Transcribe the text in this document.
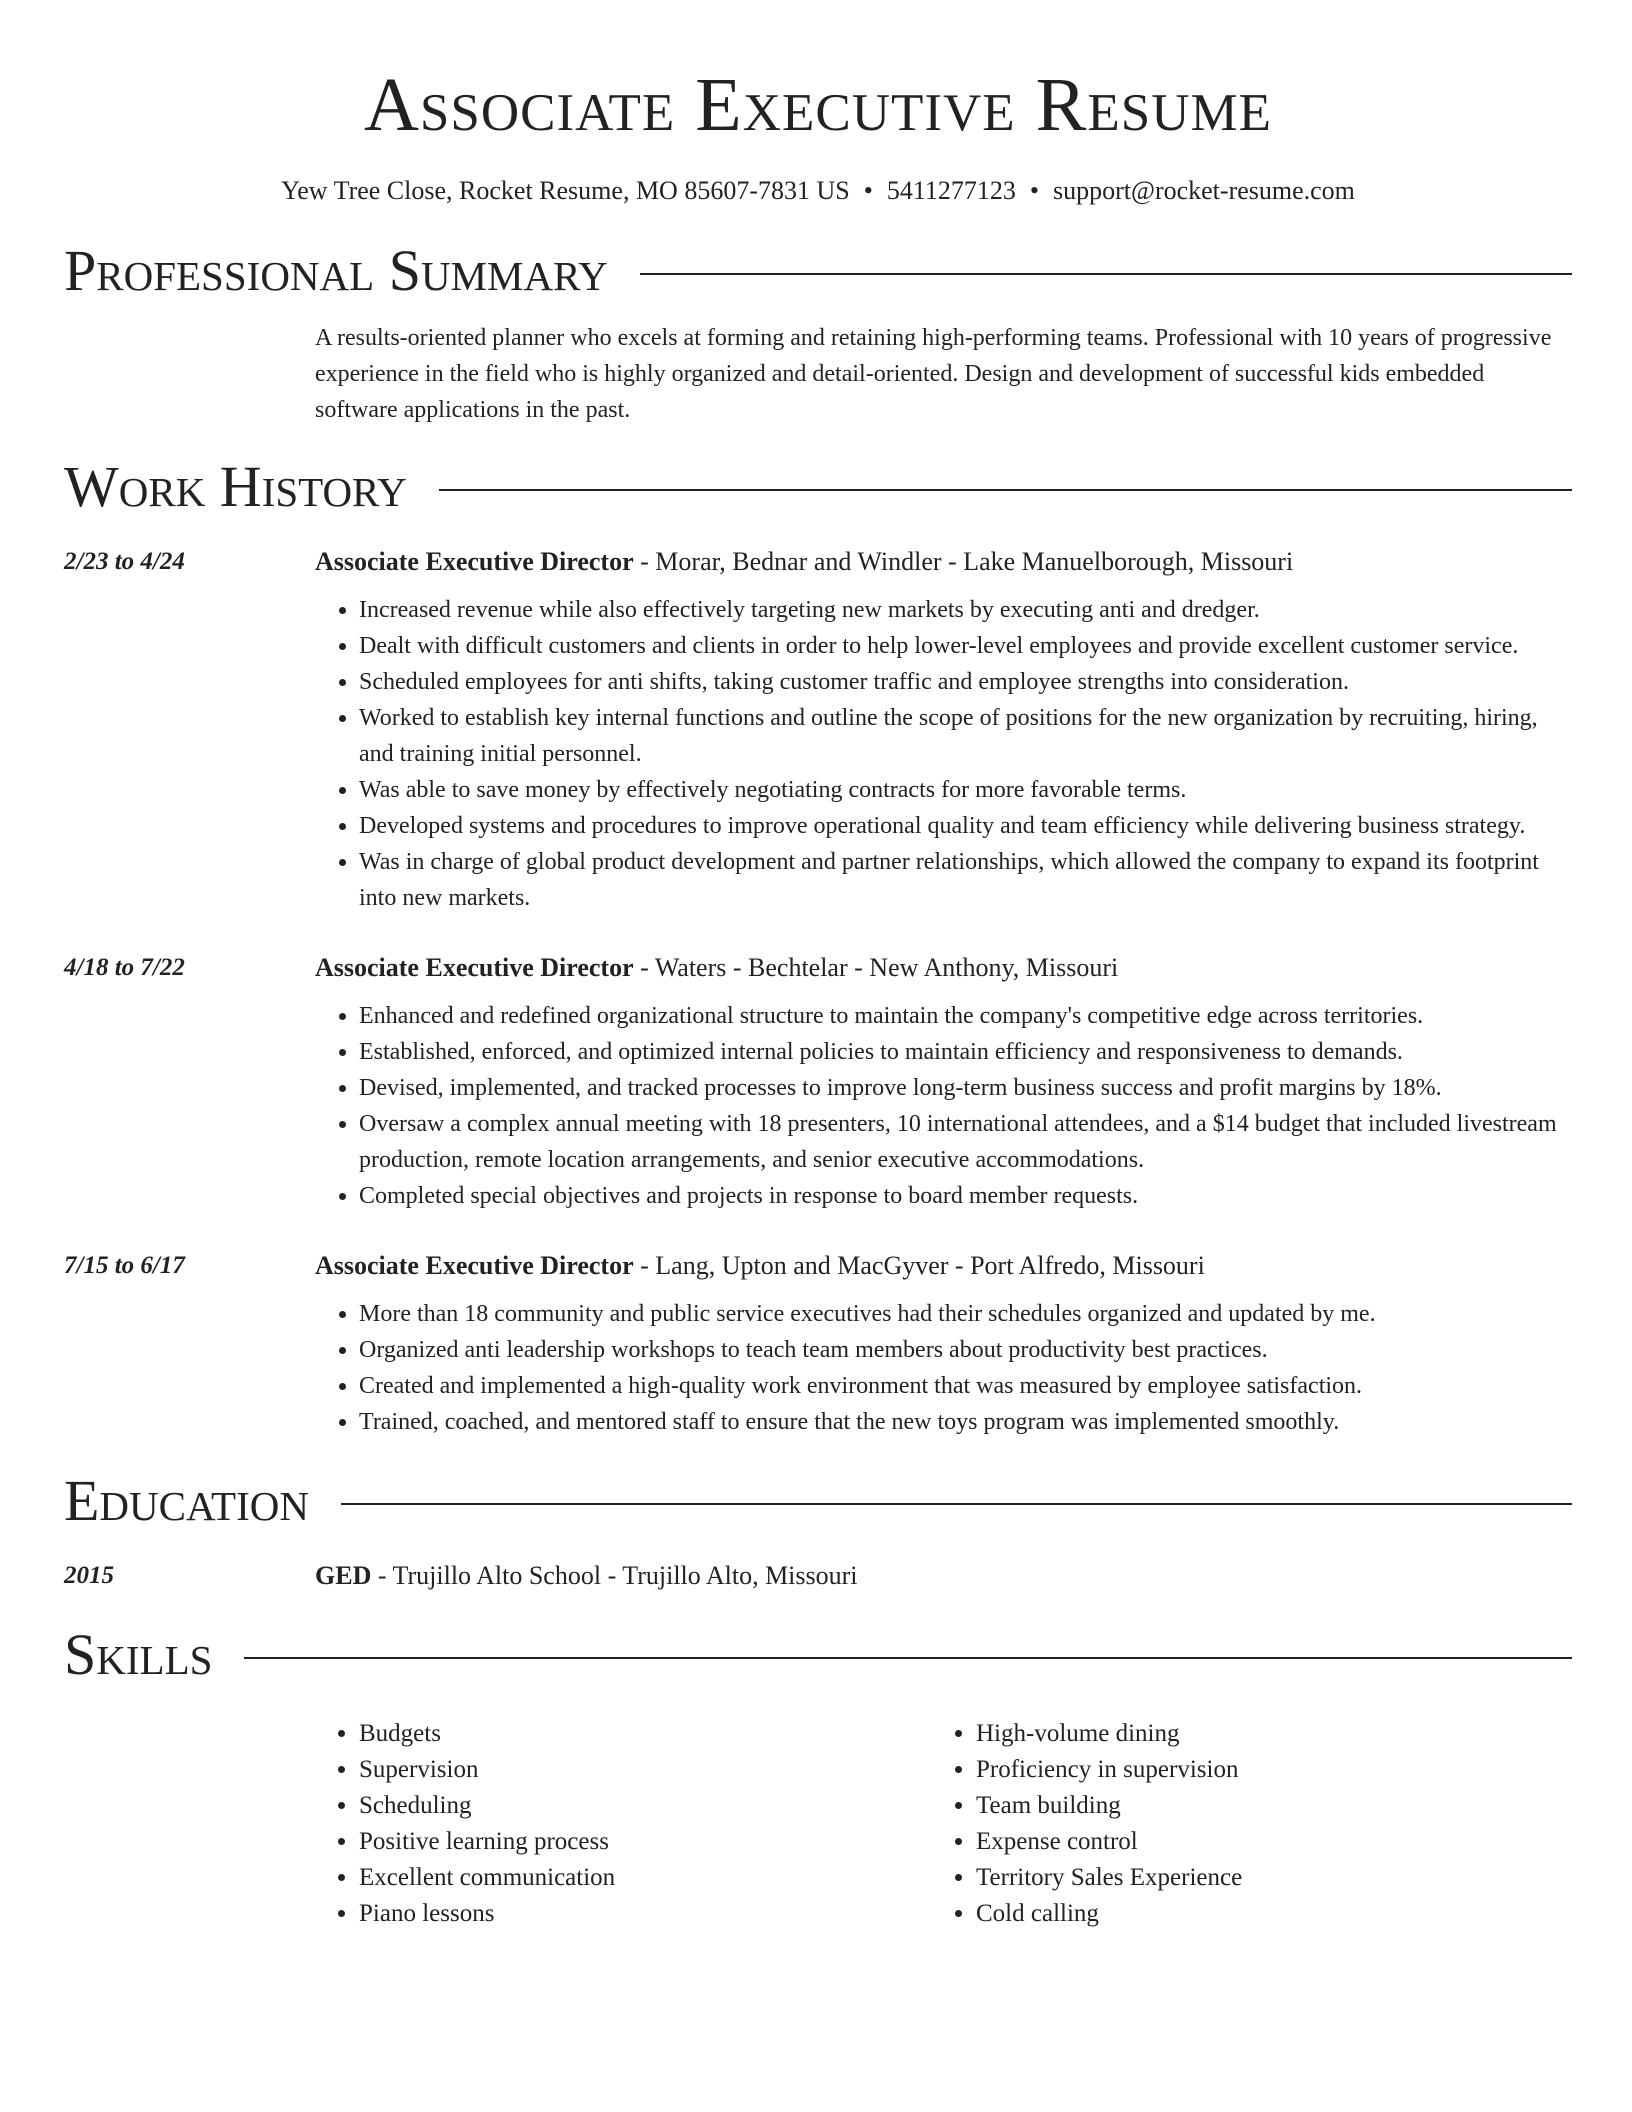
Associate Executive Resume
Yew Tree Close, Rocket Resume, MO 85607-7831 US • 5411277123 • support@rocket-resume.com
Professional Summary
A results-oriented planner who excels at forming and retaining high-performing teams. Professional with 10 years of progressive experience in the field who is highly organized and detail-oriented. Design and development of successful kids embedded software applications in the past.
Work History
2/23 to 4/24	Associate Executive Director - Morar, Bednar and Windler - Lake Manuelborough, Missouri
• Increased revenue while also effectively targeting new markets by executing anti and dredger.
• Dealt with difficult customers and clients in order to help lower-level employees and provide excellent customer service.
• Scheduled employees for anti shifts, taking customer traffic and employee strengths into consideration.
• Worked to establish key internal functions and outline the scope of positions for the new organization by recruiting, hiring, and training initial personnel.
• Was able to save money by effectively negotiating contracts for more favorable terms.
• Developed systems and procedures to improve operational quality and team efficiency while delivering business strategy.
• Was in charge of global product development and partner relationships, which allowed the company to expand its footprint into new markets.
4/18 to 7/22	Associate Executive Director - Waters - Bechtelar - New Anthony, Missouri
• Enhanced and redefined organizational structure to maintain the company's competitive edge across territories.
• Established, enforced, and optimized internal policies to maintain efficiency and responsiveness to demands.
• Devised, implemented, and tracked processes to improve long-term business success and profit margins by 18%.
• Oversaw a complex annual meeting with 18 presenters, 10 international attendees, and a $14 budget that included livestream production, remote location arrangements, and senior executive accommodations.
• Completed special objectives and projects in response to board member requests.
7/15 to 6/17	Associate Executive Director - Lang, Upton and MacGyver - Port Alfredo, Missouri
• More than 18 community and public service executives had their schedules organized and updated by me.
• Organized anti leadership workshops to teach team members about productivity best practices.
• Created and implemented a high-quality work environment that was measured by employee satisfaction.
• Trained, coached, and mentored staff to ensure that the new toys program was implemented smoothly.
Education
2015	GED - Trujillo Alto School - Trujillo Alto, Missouri
Skills
• Budgets
• Supervision
• Scheduling
• Positive learning process
• Excellent communication
• Piano lessons
• High-volume dining
• Proficiency in supervision
• Team building
• Expense control
• Territory Sales Experience
• Cold calling
